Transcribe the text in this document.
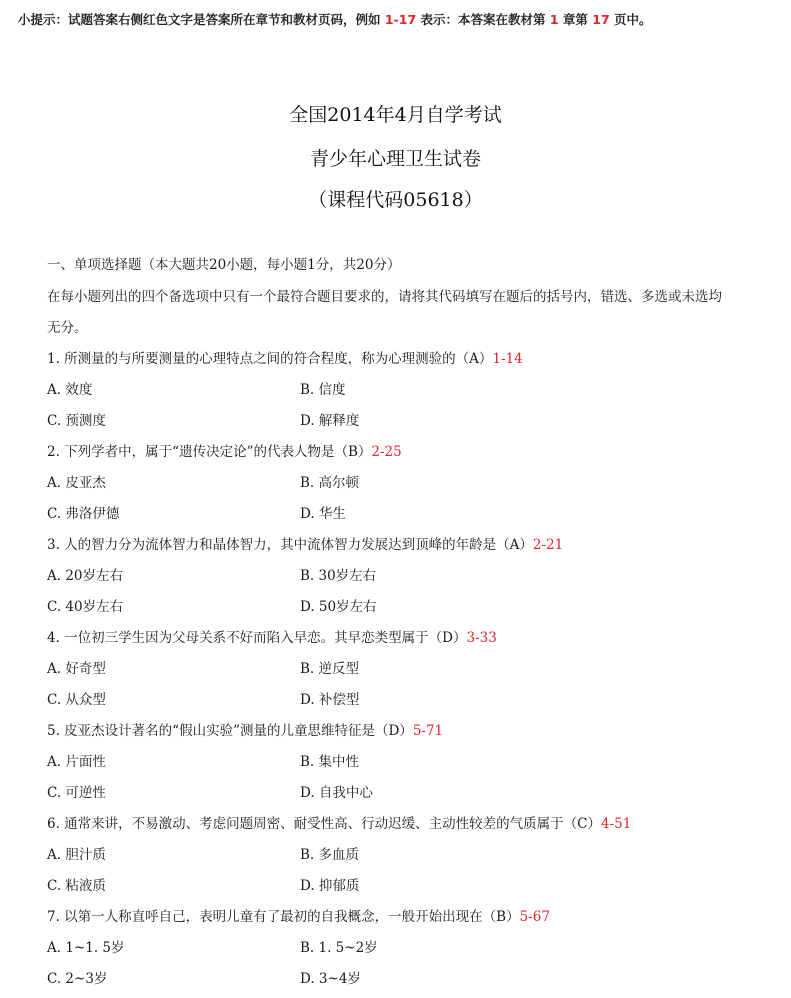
小提示：试题答案右侧红色文字是答案所在章节和教材页码，例如 1-17 表示：本答案在教材第 1 章第 17 页中。
全国2014年4月自学考试
青少年心理卫生试卷
（课程代码05618）
一、单项选择题（本大题共20小题，每小题1分，共20分）
在每小题列出的四个备选项中只有一个最符合题目要求的，请将其代码填写在题后的括号内，错选、多选或未选均
无分。
1. 所测量的与所要测量的心理特点之间的符合程度，称为心理测验的（A）1-14
A. 效度	B. 信度
C. 预测度	D. 解释度
2. 下列学者中，属于“遗传决定论”的代表人物是（B）2-25
A. 皮亚杰	B. 高尔顿
C. 弗洛伊德	D. 华生
3. 人的智力分为流体智力和晶体智力，其中流体智力发展达到顶峰的年龄是（A）2-21
A. 20岁左右	B. 30岁左右
C. 40岁左右	D. 50岁左右
4. 一位初三学生因为父母关系不好而陷入早恋。其早恋类型属于（D）3-33
A. 好奇型	B. 逆反型
C. 从众型	D. 补偿型
5. 皮亚杰设计著名的“假山实验”测量的儿童思维特征是（D）5-71
A. 片面性	B. 集中性
C. 可逆性	D. 自我中心
6. 通常来讲，不易激动、考虑问题周密、耐受性高、行动迟缓、主动性较差的气质属于（C）4-51
A. 胆汁质	B. 多血质
C. 粘液质	D. 抑郁质
7. 以第一人称直呼自己，表明儿童有了最初的自我概念，一般开始出现在（B）5-67
A. 1~1. 5岁	B. 1. 5~2岁
C. 2~3岁	D. 3~4岁
